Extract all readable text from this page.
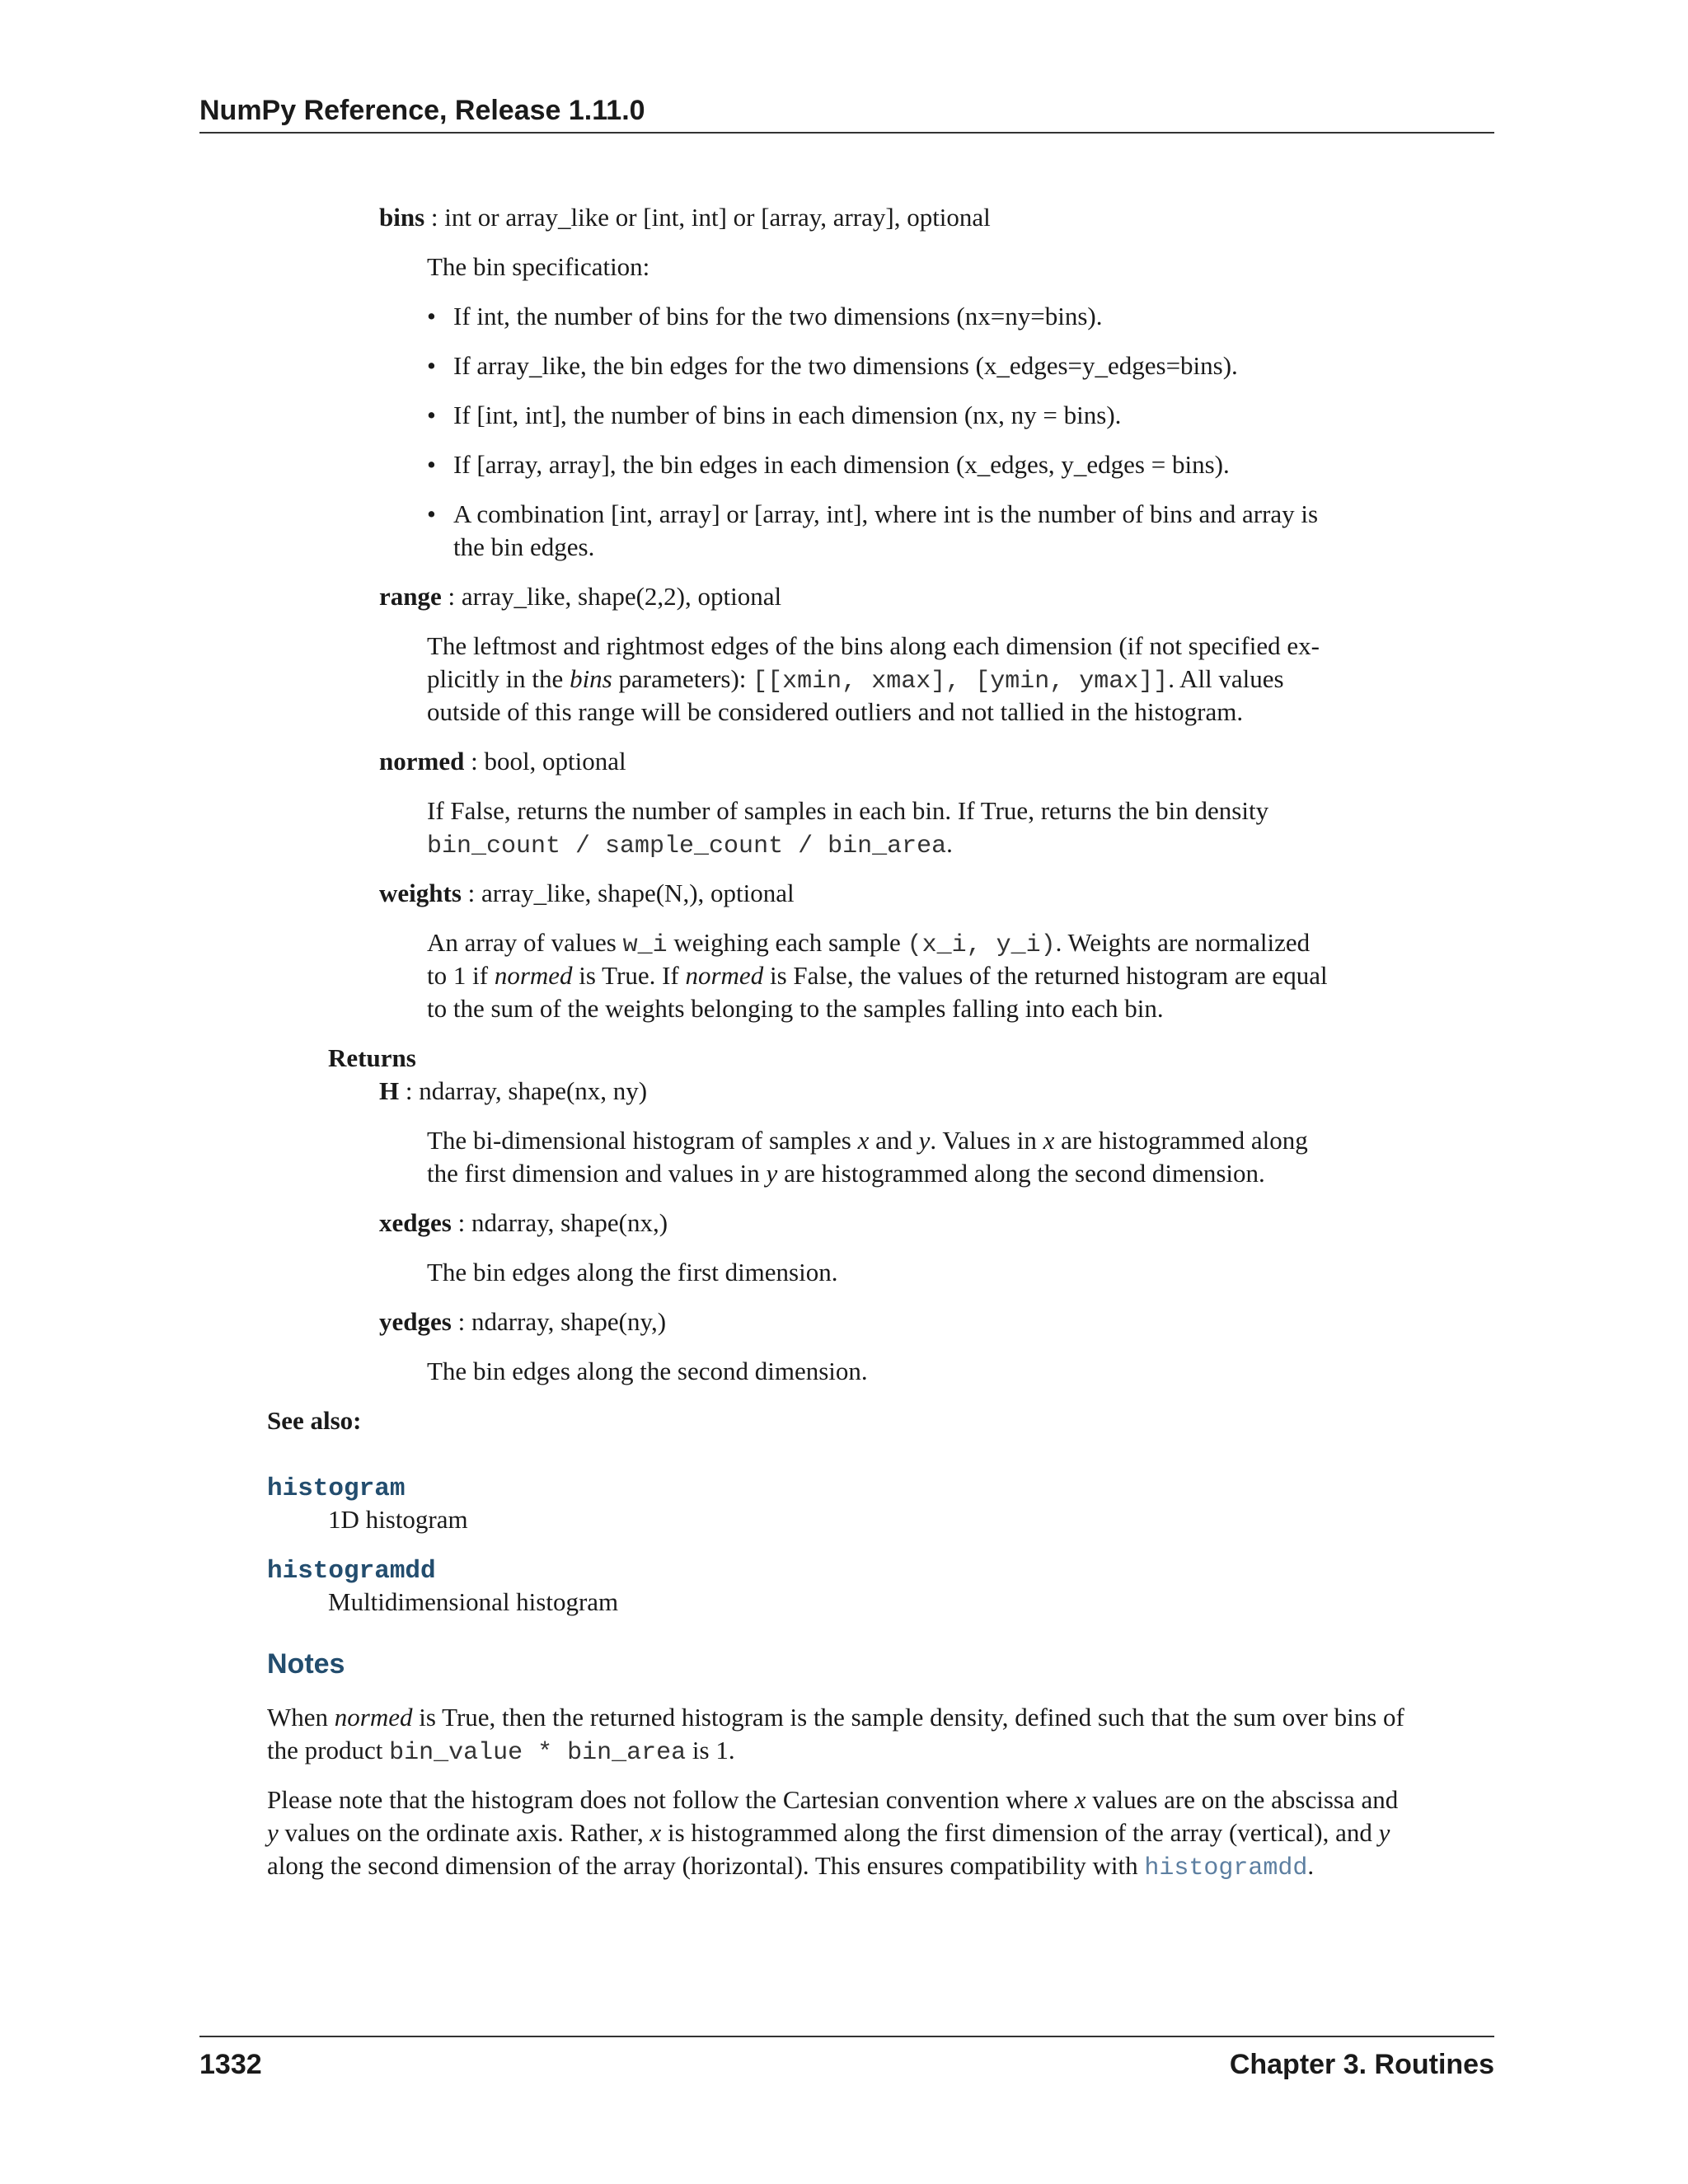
NumPy Reference, Release 1.11.0
bins : int or array_like or [int, int] or [array, array], optional
The bin specification:
• If int, the number of bins for the two dimensions (nx=ny=bins).
• If array_like, the bin edges for the two dimensions (x_edges=y_edges=bins).
• If [int, int], the number of bins in each dimension (nx, ny = bins).
• If [array, array], the bin edges in each dimension (x_edges, y_edges = bins).
• A combination [int, array] or [array, int], where int is the number of bins and array is
the bin edges.
range : array_like, shape(2,2), optional
The leftmost and rightmost edges of the bins along each dimension (if not specified ex-
plicitly in the bins parameters): [[xmin, xmax], [ymin, ymax]]. All values
outside of this range will be considered outliers and not tallied in the histogram.
normed : bool, optional
If False, returns the number of samples in each bin. If True, returns the bin density
bin_count / sample_count / bin_area.
weights : array_like, shape(N,), optional
An array of values w_i weighing each sample (x_i, y_i). Weights are normalized
to 1 if normed is True. If normed is False, the values of the returned histogram are equal
to the sum of the weights belonging to the samples falling into each bin.
Returns
H : ndarray, shape(nx, ny)
The bi-dimensional histogram of samples x and y. Values in x are histogrammed along
the first dimension and values in y are histogrammed along the second dimension.
xedges : ndarray, shape(nx,)
The bin edges along the first dimension.
yedges : ndarray, shape(ny,)
The bin edges along the second dimension.
See also:
histogram
1D histogram
histogramdd
Multidimensional histogram
Notes
When normed is True, then the returned histogram is the sample density, defined such that the sum over bins of
the product bin_value * bin_area is 1.
Please note that the histogram does not follow the Cartesian convention where x values are on the abscissa and
y values on the ordinate axis. Rather, x is histogrammed along the first dimension of the array (vertical), and y
along the second dimension of the array (horizontal). This ensures compatibility with histogramdd.
1332	Chapter 3. Routines
